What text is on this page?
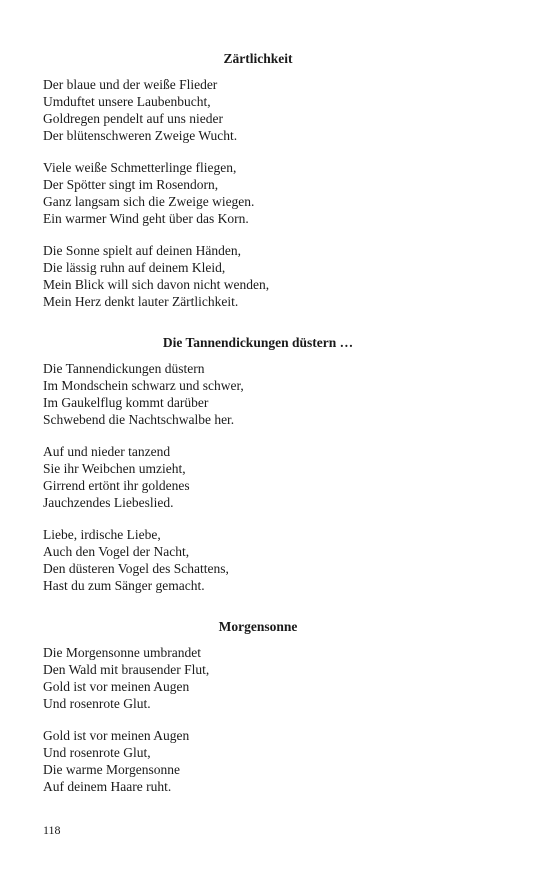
Zärtlichkeit

Der blaue und der weiße Flieder
Umduftet unsere Laubenbucht,
Goldregen pendelt auf uns nieder
Der blütenschweren Zweige Wucht.

Viele weiße Schmetterlinge fliegen,
Der Spötter singt im Rosendorn,
Ganz langsam sich die Zweige wiegen.
Ein warmer Wind geht über das Korn.

Die Sonne spielt auf deinen Händen,
Die lässig ruhn auf deinem Kleid,
Mein Blick will sich davon nicht wenden,
Mein Herz denkt lauter Zärtlichkeit.

Die Tannendickungen düstern …

Die Tannendickungen düstern
Im Mondschein schwarz und schwer,
Im Gaukelflug kommt darüber
Schwebend die Nachtschwalbe her.

Auf und nieder tanzend
Sie ihr Weibchen umzieht,
Girrend ertönt ihr goldenes
Jauchzendes Liebeslied.

Liebe, irdische Liebe,
Auch den Vogel der Nacht,
Den düsteren Vogel des Schattens,
Hast du zum Sänger gemacht.

Morgensonne

Die Morgensonne umbrandet
Den Wald mit brausender Flut,
Gold ist vor meinen Augen
Und rosenrote Glut.

Gold ist vor meinen Augen
Und rosenrote Glut,
Die warme Morgensonne
Auf deinem Haare ruht.

118
